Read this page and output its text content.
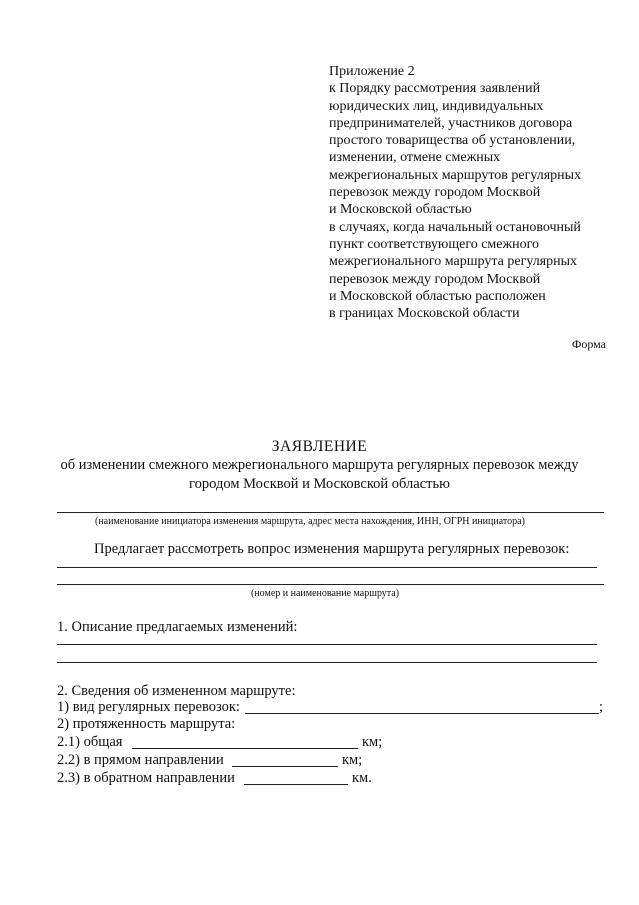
Приложение 2
к Порядку рассмотрения заявлений
юридических лиц, индивидуальных
предпринимателей, участников договора
простого товарищества об установлении,
изменении, отмене смежных
межрегиональных маршрутов регулярных
перевозок между городом Москвой
и Московской областью
в случаях, когда начальный остановочный
пункт соответствующего смежного
межрегионального маршрута регулярных
перевозок между городом Москвой
и Московской областью расположен
в границах Московской области
Форма
ЗАЯВЛЕНИЕ
об изменении смежного межрегионального маршрута регулярных перевозок между
городом Москвой и Московской областью
(наименование инициатора изменения маршрута, адрес места нахождения, ИНН, ОГРН инициатора)
Предлагает рассмотреть вопрос изменения маршрута регулярных перевозок:
(номер и наименование маршрута)
1. Описание предлагаемых изменений:
2. Сведения об измененном маршруте:
1) вид регулярных перевозок:	;
2) протяженность маршрута:
2.1) общая	км;
2.2) в прямом направлении	км;
2.3) в обратном направлении	км.
